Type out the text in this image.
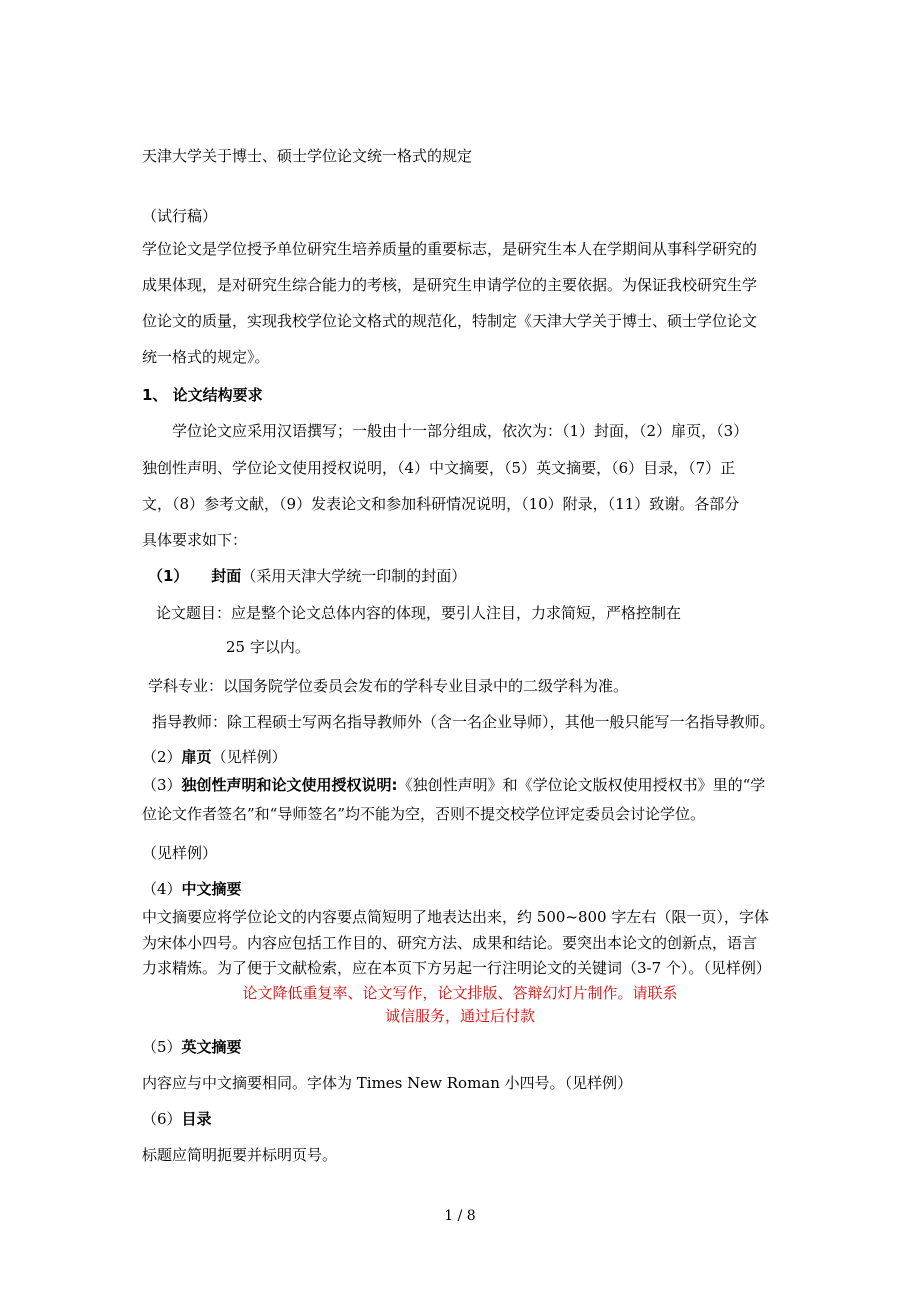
天津大学关于博士、硕士学位论文统一格式的规定
（试行稿）
学位论文是学位授予单位研究生培养质量的重要标志，是研究生本人在学期间从事科学研究的
成果体现，是对研究生综合能力的考核，是研究生申请学位的主要依据。为保证我校研究生学
位论文的质量，实现我校学位论文格式的规范化，特制定《天津大学关于博士、硕士学位论文
统一格式的规定》。
1、 论文结构要求
学位论文应采用汉语撰写；一般由十一部分组成，依次为：（1）封面，（2）扉页，（3）
独创性声明、学位论文使用授权说明，（4）中文摘要，（5）英文摘要，（6）目录，（7）正
文，（8）参考文献，（9）发表论文和参加科研情况说明，（10）附录，（11）致谢。各部分
具体要求如下：
（1） 封面（采用天津大学统一印制的封面）
论文题目：应是整个论文总体内容的体现，要引人注目，力求简短，严格控制在
25 字以内。
学科专业：以国务院学位委员会发布的学科专业目录中的二级学科为准。
指导教师：除工程硕士写两名指导教师外（含一名企业导师），其他一般只能写一名指导教师。
（2）扉页（见样例）
（3）独创性声明和论文使用授权说明:《独创性声明》和《学位论文版权使用授权书》里的“学
位论文作者签名”和“导师签名”均不能为空，否则不提交校学位评定委员会讨论学位。
（见样例）
（4）中文摘要
中文摘要应将学位论文的内容要点简短明了地表达出来，约 500~800 字左右（限一页），字体
为宋体小四号。内容应包括工作目的、研究方法、成果和结论。要突出本论文的创新点，语言
力求精炼。为了便于文献检索，应在本页下方另起一行注明论文的关键词（3-7 个）。（见样例）
论文降低重复率、论文写作，论文排版、答辩幻灯片制作。请联系
诚信服务，通过后付款
（5）英文摘要
内容应与中文摘要相同。字体为 Times New Roman 小四号。（见样例）
（6）目录
标题应简明扼要并标明页号。
1 / 8
